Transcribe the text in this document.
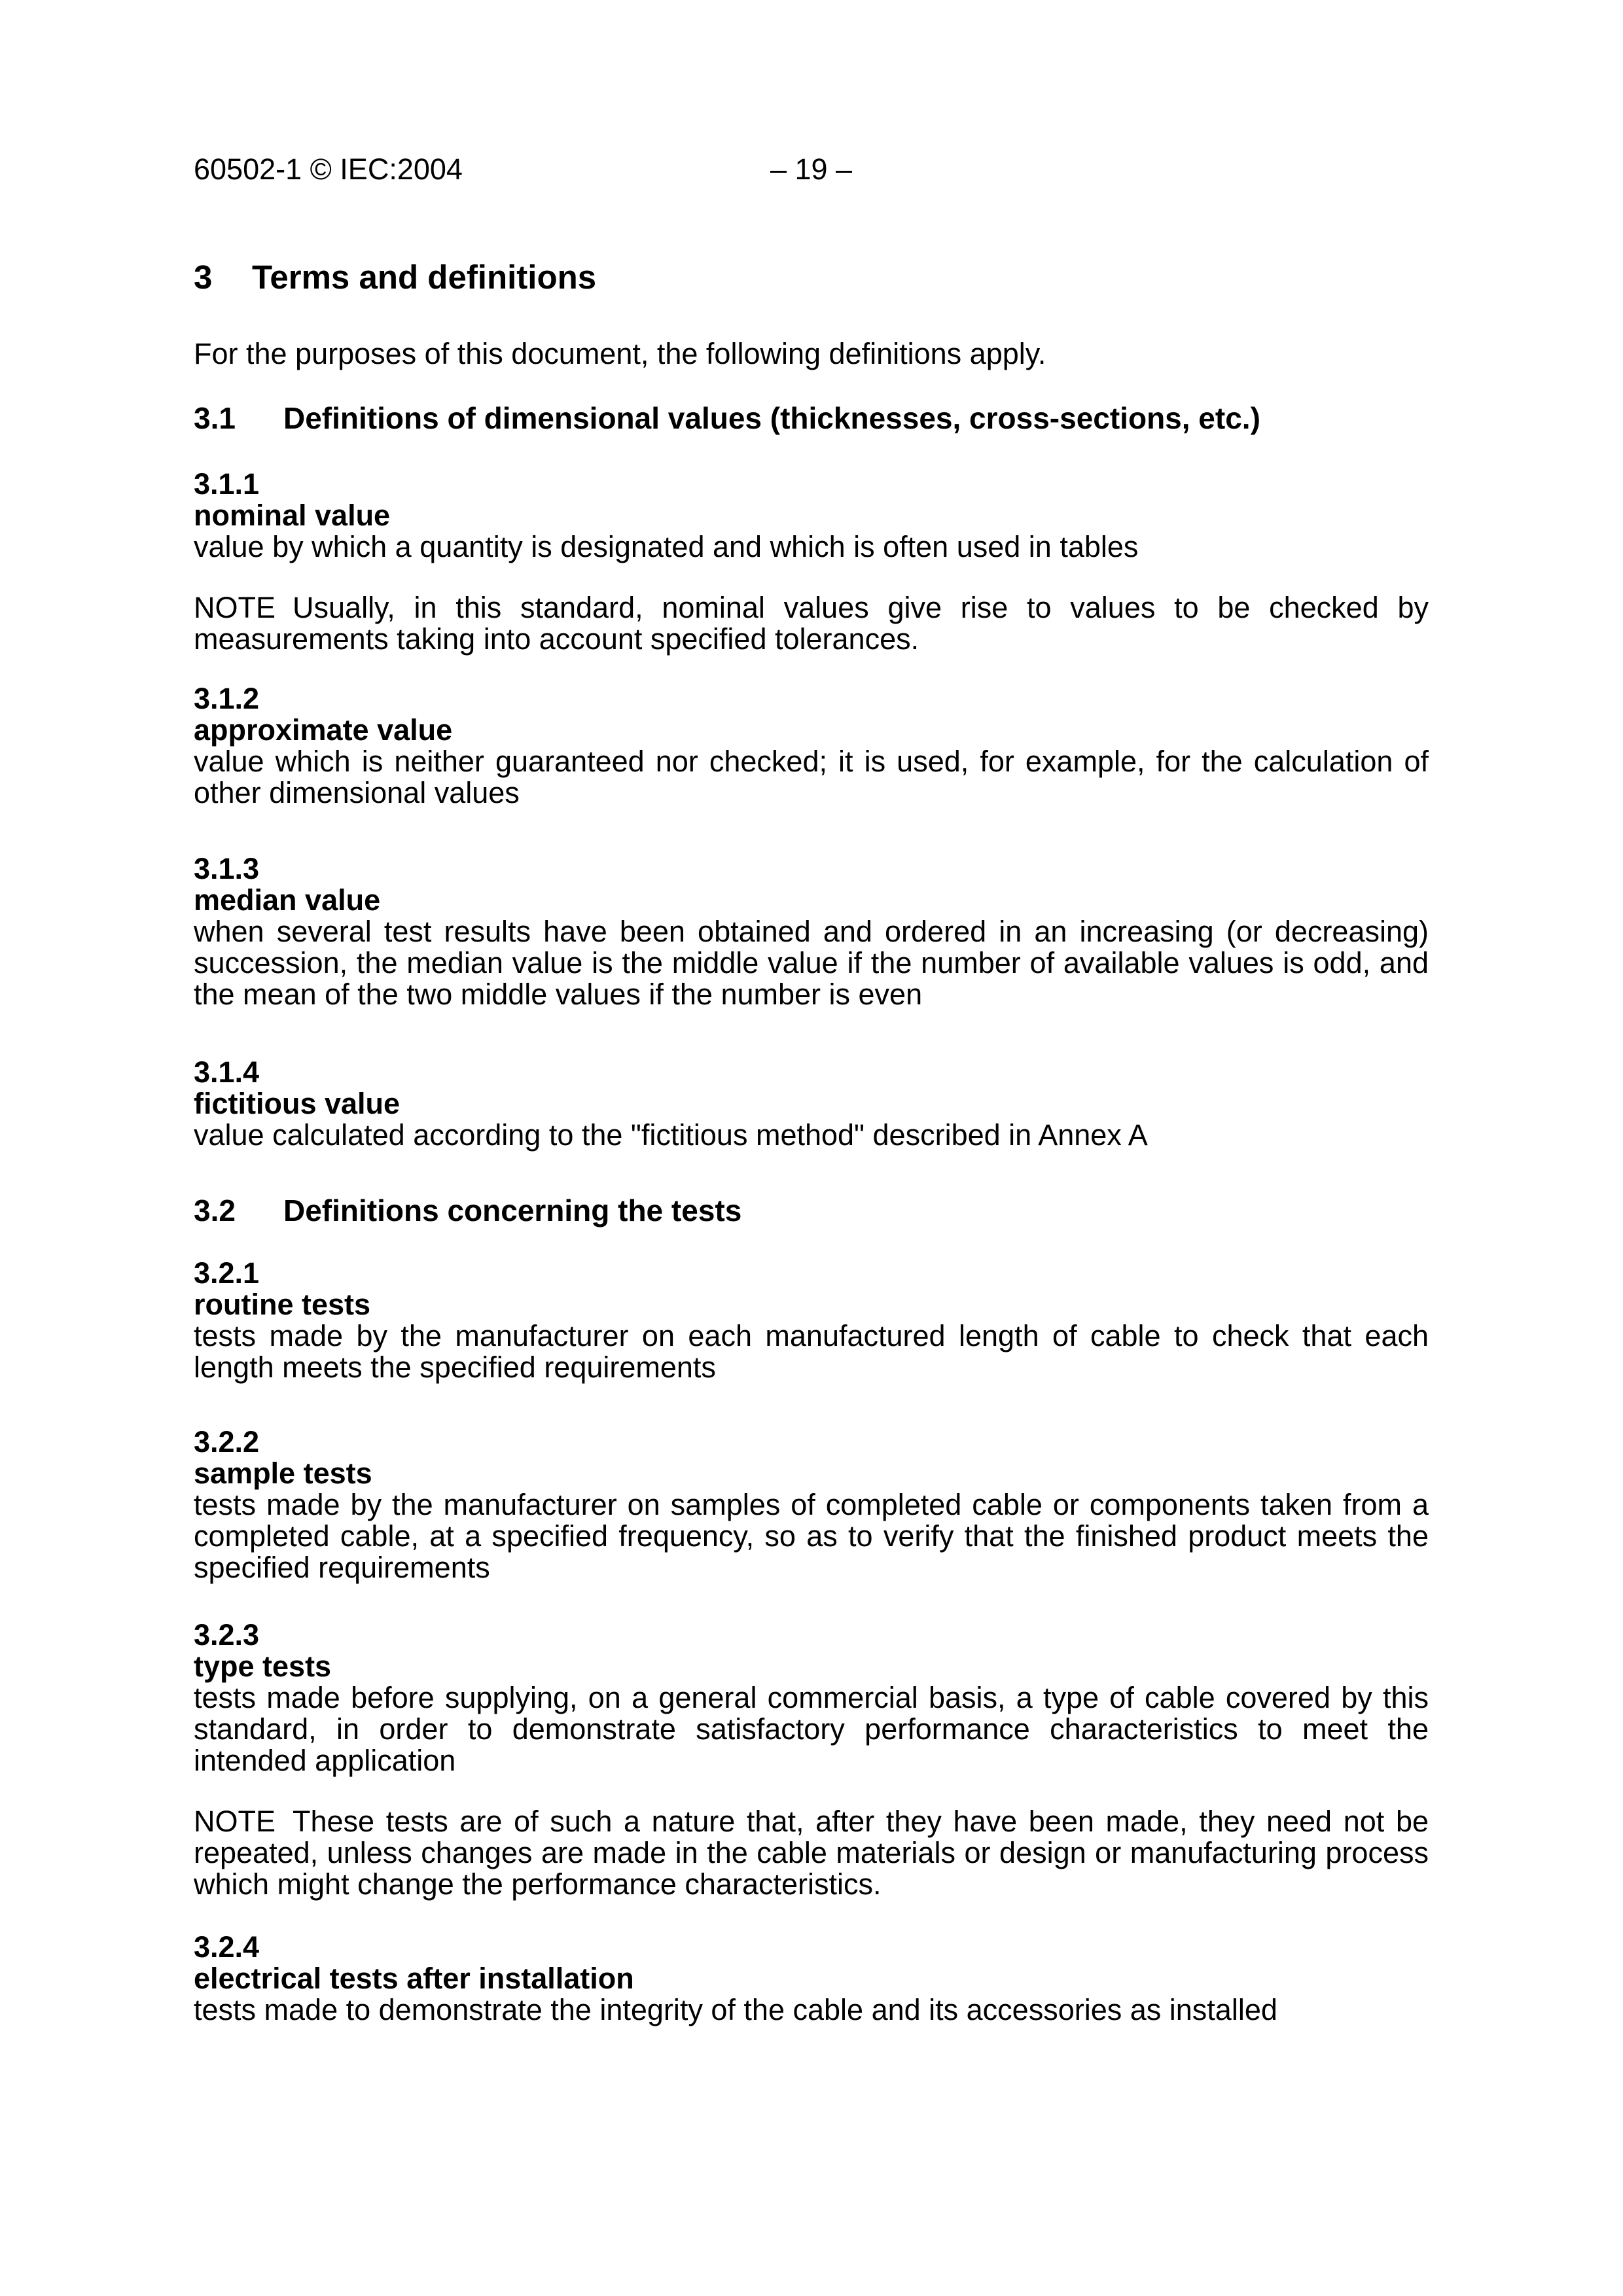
60502-1 © IEC:2004	– 19 –
3 Terms and definitions

For the purposes of this document, the following definitions apply.

3.1 Definitions of dimensional values (thicknesses, cross-sections, etc.)

3.1.1

nominal value

value by which a quantity is designated and which is often used in tables

NOTE Usually, in this standard, nominal values give rise to values to be checked by measurements taking into account specified tolerances.

3.1.2

approximate value

value which is neither guaranteed nor checked; it is used, for example, for the calculation of other dimensional values

3.1.3

median value

when several test results have been obtained and ordered in an increasing (or decreasing) succession, the median value is the middle value if the number of available values is odd, and the mean of the two middle values if the number is even

3.1.4

fictitious value

value calculated according to the "fictitious method" described in Annex A

3.2 Definitions concerning the tests

3.2.1

routine tests

tests made by the manufacturer on each manufactured length of cable to check that each length meets the specified requirements

3.2.2

sample tests

tests made by the manufacturer on samples of completed cable or components taken from a completed cable, at a specified frequency, so as to verify that the finished product meets the specified requirements

3.2.3

type tests

tests made before supplying, on a general commercial basis, a type of cable covered by this standard, in order to demonstrate satisfactory performance characteristics to meet the intended application

NOTE These tests are of such a nature that, after they have been made, they need not be repeated, unless changes are made in the cable materials or design or manufacturing process which might change the performance characteristics.

3.2.4

electrical tests after installation

tests made to demonstrate the integrity of the cable and its accessories as installed
